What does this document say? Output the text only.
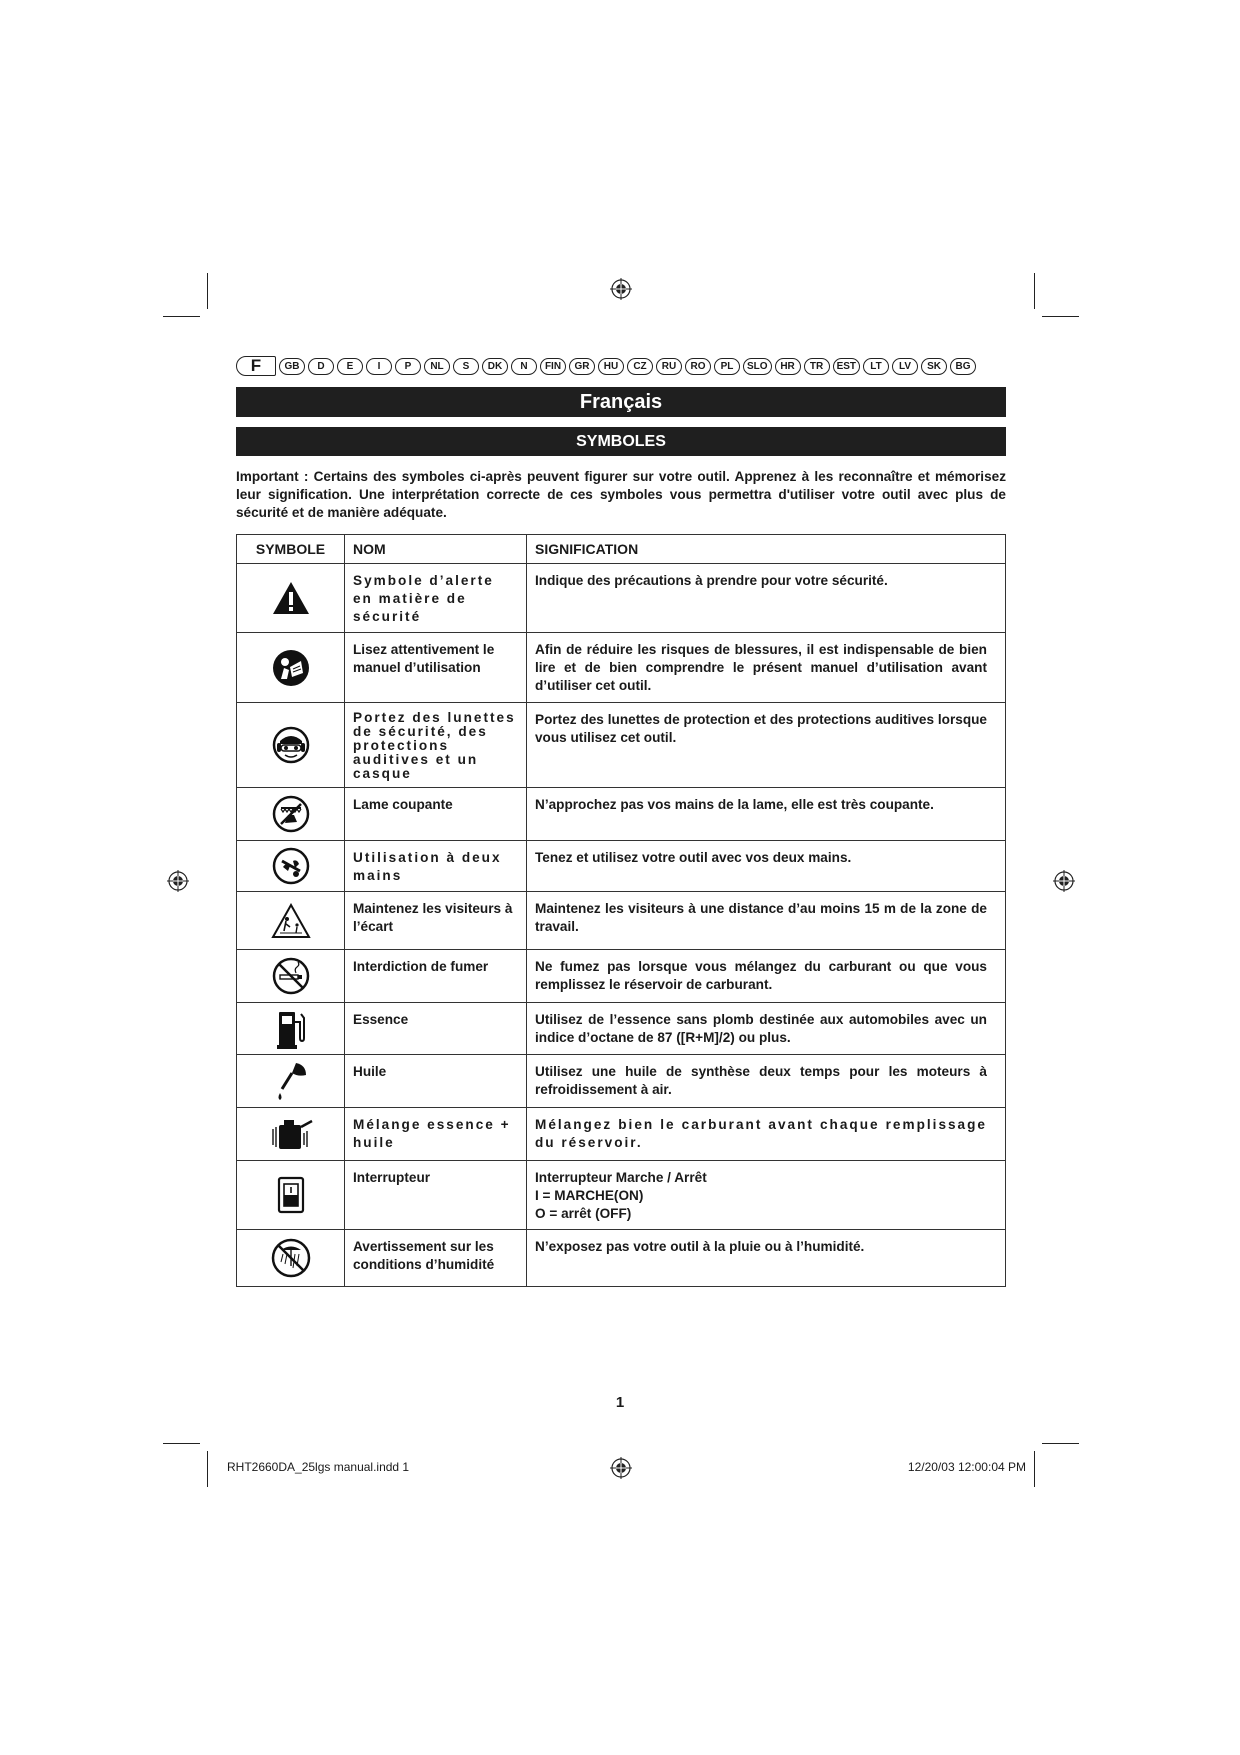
F	GB	D	E	I	P	NL	S	DK	N	FIN	GR	HU	CZ	RU	RO	PL	SLO	HR	TR	EST	LT	LV	SK	BG
Français
SYMBOLES
Important : Certains des symboles ci-après peuvent figurer sur votre outil. Apprenez à les reconnaître et mémorisez leur signification. Une interprétation correcte de ces symboles vous permettra d'utiliser votre outil avec plus de sécurité et de manière adéquate.
SYMBOLE	NOM	SIGNIFICATION

	Symbole d’alerte en matière de sécurité	Indique des précautions à prendre pour votre sécurité.

	Lisez attentivement le manuel d’utilisation	Afin de réduire les risques de blessures, il est indispensable de bien lire et de bien comprendre le présent manuel d’utilisation avant d’utiliser cet outil.

	Portez des lunettes de sécurité, des protections auditives et un casque	Portez des lunettes de protection et des protections auditives lorsque vous utilisez cet outil.

	Lame coupante	N’approchez pas vos mains de la lame, elle est très coupante.

	Utilisation à deux mains	Tenez et utilisez votre outil avec vos deux mains.

	Maintenez les visiteurs à l’écart	Maintenez les visiteurs à une distance d’au moins 15 m de la zone de travail.

	Interdiction de fumer	Ne fumez pas lorsque vous mélangez du carburant ou que vous remplissez le réservoir de carburant.

	Essence	Utilisez de l’essence sans plomb destinée aux automobiles avec un indice d’octane de 87 ([R+M]/2) ou plus.

	Huile	Utilisez une huile de synthèse deux temps pour les moteurs à refroidissement à air.

	Mélange essence + huile	Mélangez bien le carburant avant chaque remplissage du réservoir.

	Interrupteur	Interrupteur Marche / Arrêt
I = MARCHE(ON)
O = arrêt (OFF)

	Avertissement sur les conditions d’humidité	N’exposez pas votre outil à la pluie ou à l’humidité.
1
RHT2660DA_25lgs manual.indd 1	12/20/03 12:00:04 PM
